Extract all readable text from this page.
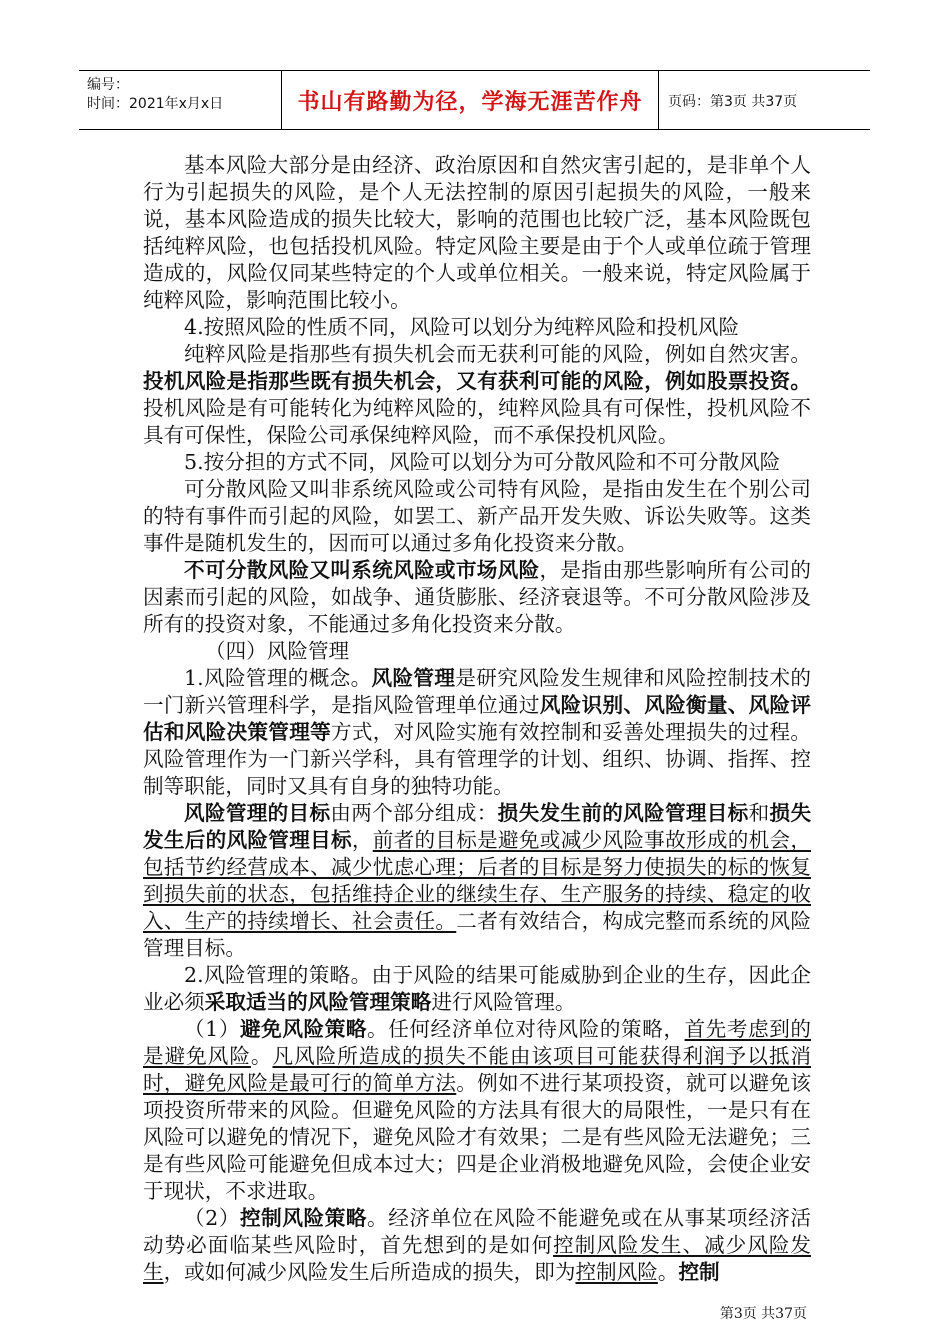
编号：
时间：2021年x月x日	书山有路勤为径，学海无涯苦作舟	页码：第3页 共37页

基本风险大部分是由经济、政治原因和自然灾害引起的，是非单个人行为引起损失的风险，是个人无法控制的原因引起损失的风险，一般来说，基本风险造成的损失比较大，影响的范围也比较广泛，基本风险既包括纯粹风险，也包括投机风险。特定风险主要是由于个人或单位疏于管理造成的，风险仅同某些特定的个人或单位相关。一般来说，特定风险属于纯粹风险，影响范围比较小。

4.按照风险的性质不同，风险可以划分为纯粹风险和投机风险

纯粹风险是指那些有损失机会而无获利可能的风险，例如自然灾害。投机风险是指那些既有损失机会，又有获利可能的风险，例如股票投资。投机风险是有可能转化为纯粹风险的，纯粹风险具有可保性，投机风险不具有可保性，保险公司承保纯粹风险，而不承保投机风险。

5.按分担的方式不同，风险可以划分为可分散风险和不可分散风险

可分散风险又叫非系统风险或公司特有风险，是指由发生在个别公司的特有事件而引起的风险，如罢工、新产品开发失败、诉讼失败等。这类事件是随机发生的，因而可以通过多角化投资来分散。

不可分散风险又叫系统风险或市场风险，是指由那些影响所有公司的因素而引起的风险，如战争、通货膨胀、经济衰退等。不可分散风险涉及所有的投资对象，不能通过多角化投资来分散。

（四）风险管理

1.风险管理的概念。风险管理是研究风险发生规律和风险控制技术的一门新兴管理科学，是指风险管理单位通过风险识别、风险衡量、风险评估和风险决策管理等方式，对风险实施有效控制和妥善处理损失的过程。风险管理作为一门新兴学科，具有管理学的计划、组织、协调、指挥、控制等职能，同时又具有自身的独特功能。

风险管理的目标由两个部分组成：损失发生前的风险管理目标和损失发生后的风险管理目标，前者的目标是避免或减少风险事故形成的机会，包括节约经营成本、减少忧虑心理；后者的目标是努力使损失的标的恢复到损失前的状态，包括维持企业的继续生存、生产服务的持续、稳定的收入、生产的持续增长、社会责任。二者有效结合，构成完整而系统的风险管理目标。

2.风险管理的策略。由于风险的结果可能威胁到企业的生存，因此企业必须采取适当的风险管理策略进行风险管理。

（1）避免风险策略。任何经济单位对待风险的策略，首先考虑到的是避免风险。凡风险所造成的损失不能由该项目可能获得利润予以抵消时，避免风险是最可行的简单方法。例如不进行某项投资，就可以避免该项投资所带来的风险。但避免风险的方法具有很大的局限性，一是只有在风险可以避免的情况下，避免风险才有效果；二是有些风险无法避免；三是有些风险可能避免但成本过大；四是企业消极地避免风险，会使企业安于现状，不求进取。

（2）控制风险策略。经济单位在风险不能避免或在从事某项经济活动势必面临某些风险时，首先想到的是如何控制风险发生、减少风险发生，或如何减少风险发生后所造成的损失，即为控制风险。控制

第3页 共37页
